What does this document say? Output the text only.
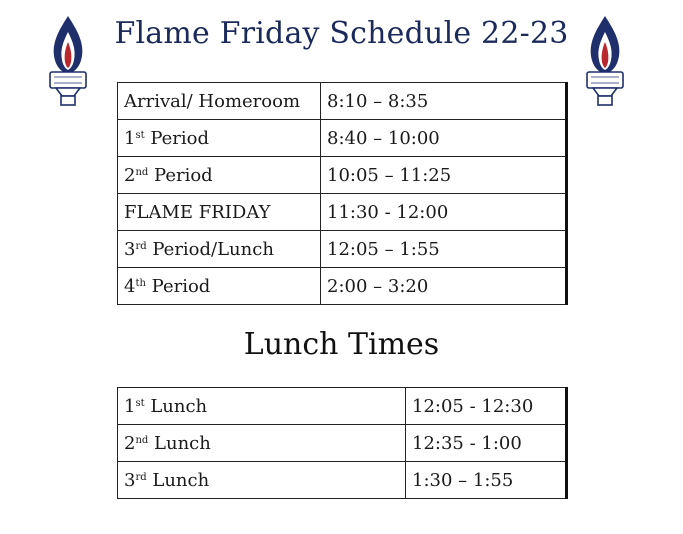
Flame Friday Schedule 22-23
Arrival/ Homeroom	8:10 – 8:35
1st Period	8:40 – 10:00
2nd Period	10:05 – 11:25
FLAME FRIDAY	11:30 - 12:00
3rd Period/Lunch	12:05 – 1:55
4th Period	2:00 – 3:20
Lunch Times
1st Lunch	12:05 - 12:30
2nd Lunch	12:35 - 1:00
3rd Lunch	1:30 – 1:55
